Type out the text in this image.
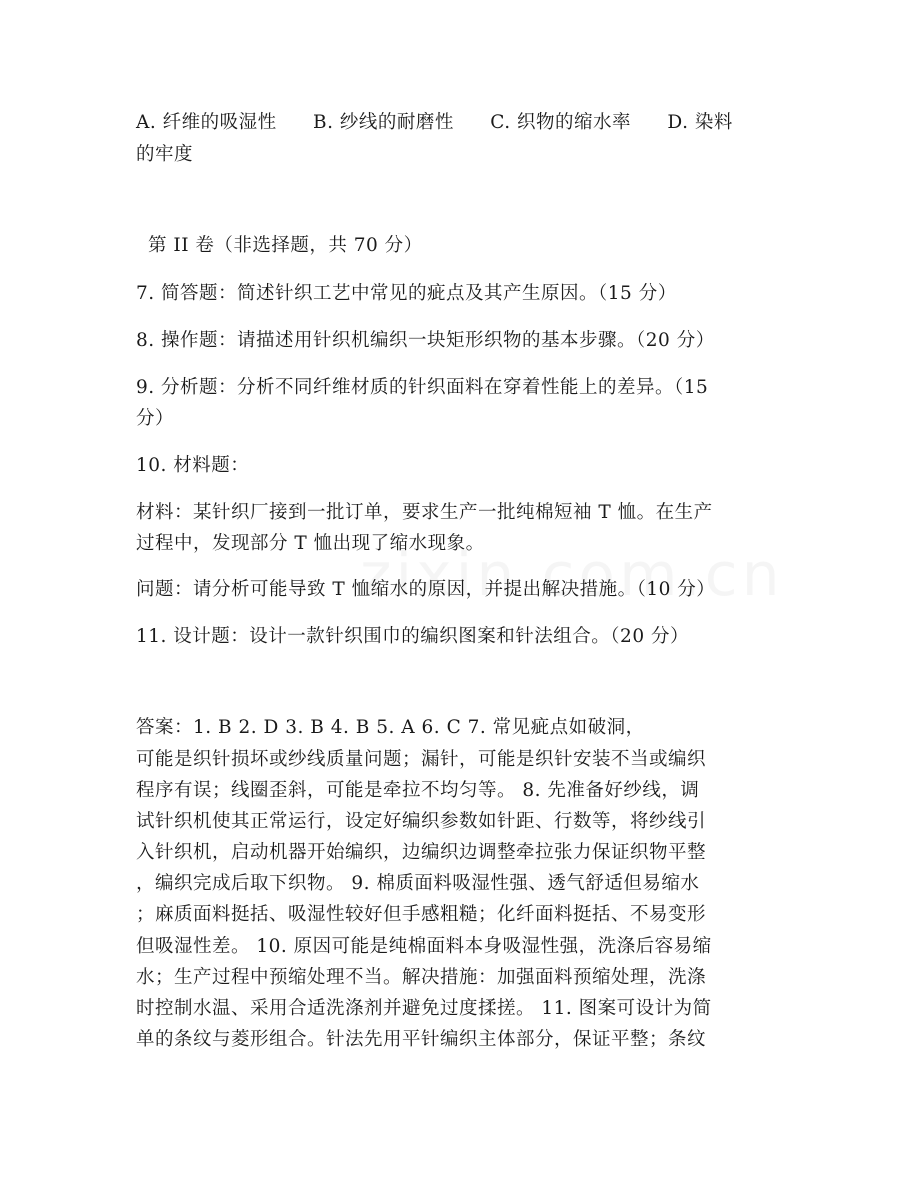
A. 纤维的吸湿性 B. 纱线的耐磨性 C. 织物的缩水率 D. 染料
的牢度
第 II 卷（非选择题，共 70 分）
7. 简答题：简述针织工艺中常见的疵点及其产生原因。（15 分）
8. 操作题：请描述用针织机编织一块矩形织物的基本步骤。（20 分）
9. 分析题：分析不同纤维材质的针织面料在穿着性能上的差异。（15
分）
10. 材料题：
材料：某针织厂接到一批订单，要求生产一批纯棉短袖 T 恤。在生产
过程中，发现部分 T 恤出现了缩水现象。
问题：请分析可能导致 T 恤缩水的原因，并提出解决措施。（10 分）
11. 设计题：设计一款针织围巾的编织图案和针法组合。（20 分）
答案：1. B 2. D 3. B 4. B 5. A 6. C 7. 常见疵点如破洞，
可能是织针损坏或纱线质量问题；漏针，可能是织针安装不当或编织
程序有误；线圈歪斜，可能是牵拉不均匀等。 8. 先准备好纱线，调
试针织机使其正常运行，设定好编织参数如针距、行数等，将纱线引
入针织机，启动机器开始编织，边编织边调整牵拉张力保证织物平整
，编织完成后取下织物。 9. 棉质面料吸湿性强、透气舒适但易缩水
；麻质面料挺括、吸湿性较好但手感粗糙；化纤面料挺括、不易变形
但吸湿性差。 10. 原因可能是纯棉面料本身吸湿性强，洗涤后容易缩
水；生产过程中预缩处理不当。解决措施：加强面料预缩处理，洗涤
时控制水温、采用合适洗涤剂并避免过度揉搓。 11. 图案可设计为简
单的条纹与菱形组合。针法先用平针编织主体部分，保证平整；条纹
